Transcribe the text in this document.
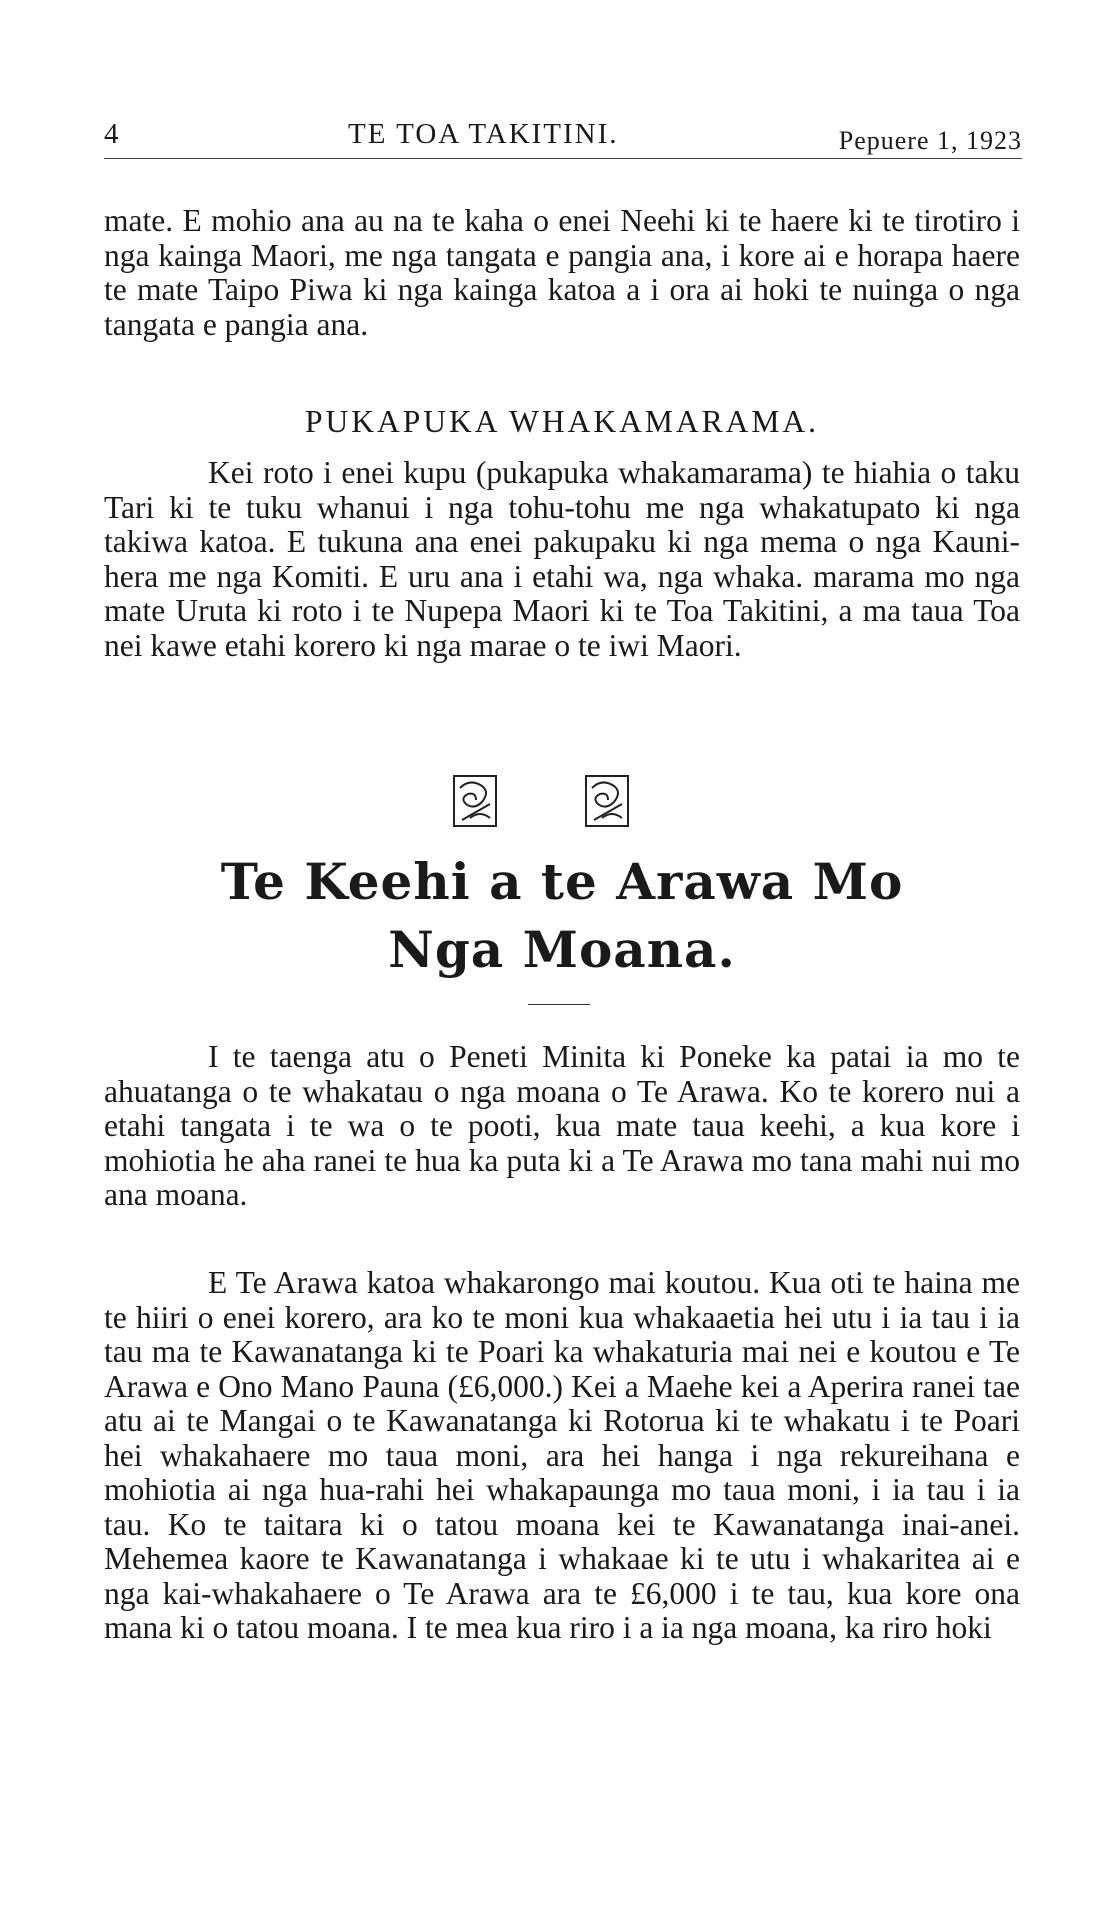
4	TE TOA TAKITINI.	Pepuere 1, 1923
mate. E mohio ana au na te kaha o enei Neehi ki te haere ki te tirotiro i nga kainga Maori, me nga tangata e pangia ana, i kore ai e horapa haere te mate Taipo Piwa ki nga kainga katoa a i ora ai hoki te nuinga o nga tangata e pangia ana.
PUKAPUKA WHAKAMARAMA.
Kei roto i enei kupu (pukapuka whakamarama) te hiahia o taku Tari ki te tuku whanui i nga tohu-tohu me nga whakatupato ki nga takiwa katoa. E tukuna ana enei pakupaku ki nga mema o nga Kauni-hera me nga Komiti. E uru ana i etahi wa, nga whaka. marama mo nga mate Uruta ki roto i te Nupepa Maori ki te Toa Takitini, a ma taua Toa nei kawe etahi korero ki nga marae o te iwi Maori.
Te Keehi a te Arawa Mo
Nga Moana.
I te taenga atu o Peneti Minita ki Poneke ka patai ia mo te ahuatanga o te whakatau o nga moana o Te Arawa. Ko te korero nui a etahi tangata i te wa o te pooti, kua mate taua keehi, a kua kore i mohiotia he aha ranei te hua ka puta ki a Te Arawa mo tana mahi nui mo ana moana.
E Te Arawa katoa whakarongo mai koutou. Kua oti te haina me te hiiri o enei korero, ara ko te moni kua whakaaetia hei utu i ia tau i ia tau ma te Kawanatanga ki te Poari ka whakaturia mai nei e koutou e Te Arawa e Ono Mano Pauna (£6,000.) Kei a Maehe kei a Aperira ranei tae atu ai te Mangai o te Kawanatanga ki Rotorua ki te whakatu i te Poari hei whakahaere mo taua moni, ara hei hanga i nga rekureihana e mohiotia ai nga hua-rahi hei whakapaunga mo taua moni, i ia tau i ia tau. Ko te taitara ki o tatou moana kei te Kawanatanga inai-anei. Mehemea kaore te Kawanatanga i whakaae ki te utu i whakaritea ai e nga kai-whakahaere o Te Arawa ara te £6,000 i te tau, kua kore ona mana ki o tatou moana. I te mea kua riro i a ia nga moana, ka riro hoki
